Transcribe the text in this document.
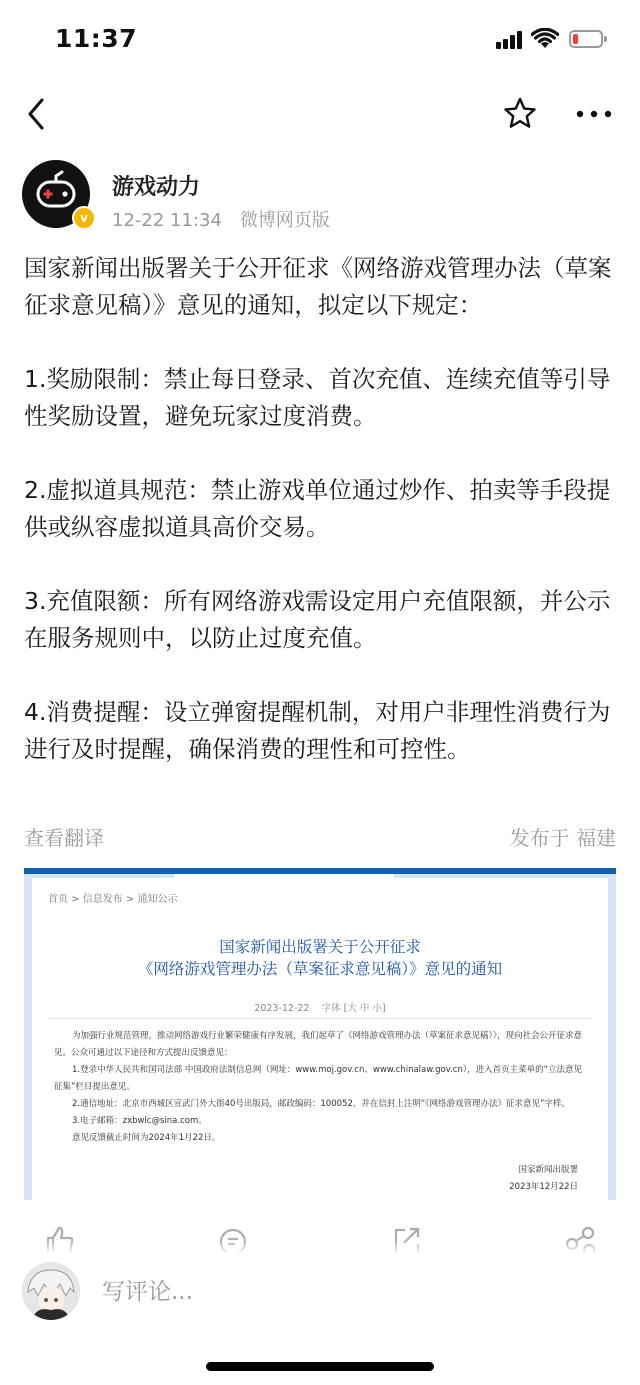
11:37
v
游戏动力
12-22 11:34 微博网页版

国家新闻出版署关于公开征求《网络游戏管理办法（草案征求意见稿）》意见的通知，拟定以下规定：

1.奖励限制：禁止每日登录、首次充值、连续充值等引导性奖励设置，避免玩家过度消费。

2.虚拟道具规范：禁止游戏单位通过炒作、拍卖等手段提供或纵容虚拟道具高价交易。

3.充值限额：所有网络游戏需设定用户充值限额，并公示在服务规则中，以防止过度充值。

4.消费提醒：设立弹窗提醒机制，对用户非理性消费行为进行及时提醒，确保消费的理性和可控性。

查看翻译	发布于 福建
首页 > 信息发布 > 通知公示
国家新闻出版署关于公开征求
《网络游戏管理办法（草案征求意见稿）》意见的通知
2023-12-22 字体 [大 中 小]

为加强行业规范管理，推动网络游戏行业繁荣健康有序发展，我们起草了《网络游戏管理办法（草案征求意见稿）》，现向社会公开征求意见。公众可通过以下途径和方式提出反馈意见：

1.登录中华人民共和国司法部 中国政府法制信息网（网址：www.moj.gov.cn、www.chinalaw.gov.cn），进入首页主菜单的“立法意见征集”栏目提出意见。

2.通信地址：北京市西城区宣武门外大街40号出版局，邮政编码：100052，并在信封上注明“《网络游戏管理办法》征求意见”字样。

3.电子邮箱：zxbwlc@sina.com。

意见反馈截止时间为2024年1月22日。

国家新闻出版署
2023年12月22日
写评论...
